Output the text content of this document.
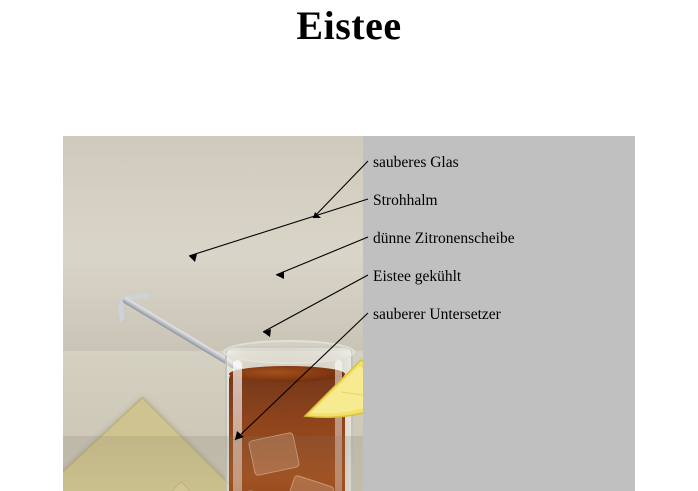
Eistee
sauberes Glas
Strohhalm
dünne Zitronenscheibe
Eistee gekühlt
sauberer Untersetzer
